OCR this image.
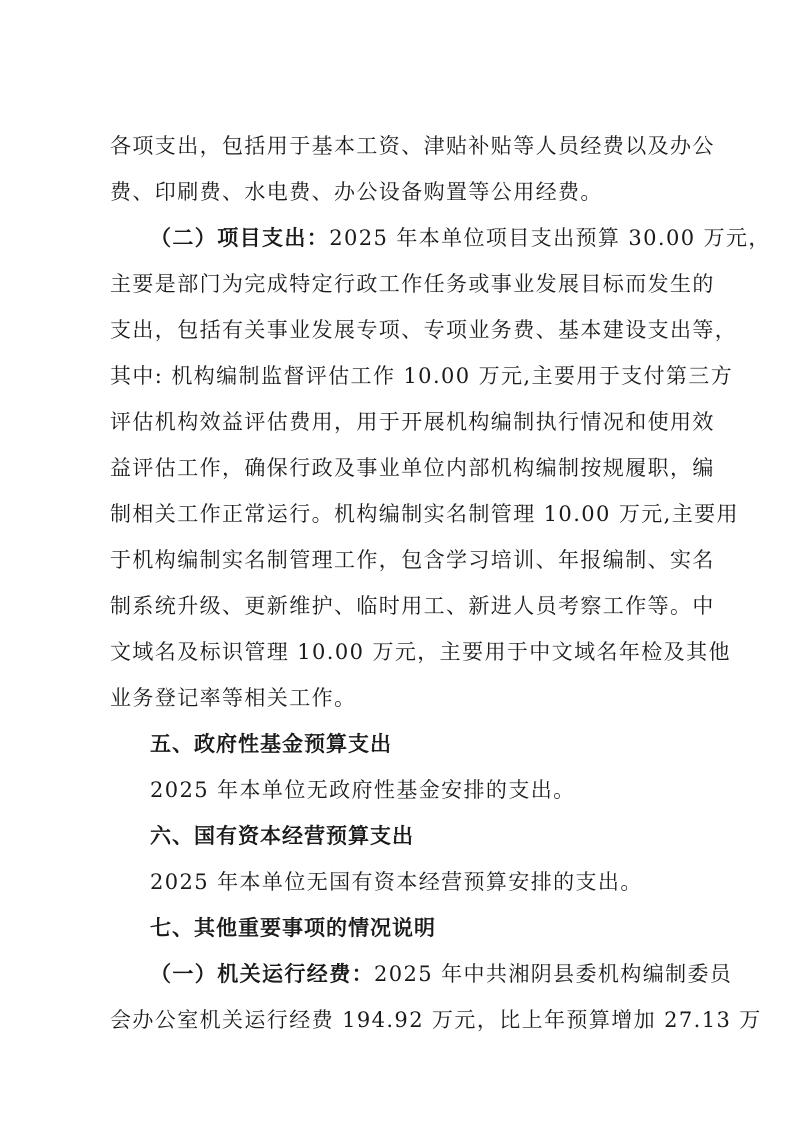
各项支出，包括用于基本工资、津贴补贴等人员经费以及办公
费、印刷费、水电费、办公设备购置等公用经费。
（二）项目支出：2025 年本单位项目支出预算 30.00 万元，
主要是部门为完成特定行政工作任务或事业发展目标而发生的
支出，包括有关事业发展专项、专项业务费、基本建设支出等，
其中: 机构编制监督评估工作 10.00 万元,主要用于支付第三方
评估机构效益评估费用，用于开展机构编制执行情况和使用效
益评估工作，确保行政及事业单位内部机构编制按规履职，编
制相关工作正常运行。机构编制实名制管理 10.00 万元,主要用
于机构编制实名制管理工作，包含学习培训、年报编制、实名
制系统升级、更新维护、临时用工、新进人员考察工作等。中
文域名及标识管理 10.00 万元，主要用于中文域名年检及其他
业务登记率等相关工作。
五、政府性基金预算支出
2025 年本单位无政府性基金安排的支出。
六、国有资本经营预算支出
2025 年本单位无国有资本经营预算安排的支出。
七、其他重要事项的情况说明
（一）机关运行经费：2025 年中共湘阴县委机构编制委员
会办公室机关运行经费 194.92 万元，比上年预算增加 27.13 万
